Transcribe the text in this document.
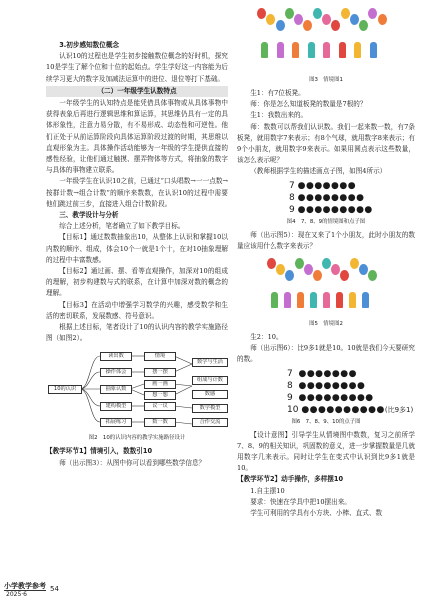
3.初步感知数位概念

认识10的过程也是学生初步接触数位概念的好时机，探究10是学生了解个位和十位的起始点。学生学好这一内容能为后续学习更大的数字及加减法运算中的进位、退位等打下基础。

（二）一年级学生认数特点

一年级学生的认知特点是能凭借具体事物或从具体事物中获得表象后再进行逻辑思维和算运算，其思维仍具有一定的具体形象性，注意力易分散，有不易形成、动态性和可逆性。他们正处于从前运算阶段向具体运算阶段过渡的时期，其思维以直观形象为主。具体操作活动能够为一年级的学生提供直接的感性经验，让他们通过触摸、摆弄物体等方式，将抽象的数字与具体的事物建立联系。

一年级学生在认识10之前，已通过“口头唱数→一一点数→按群计数→组合计数”的顺序来数数，在认识10的过程中需要他们跳过前三步，直接进入组合计数阶段。

三、教学设计与分析

综合上述分析，笔者确立了如下教学目标。

【目标1】通过数数抽象出10，从整体上认识和掌握10以内数的顺序、组成，体会10个一就是1个十，在对10抽象理解的过程中丰富数感。

【目标2】通过画、摆、看等直观操作，加深对10的组成的理解，初步构建数与式的联系，在计算中加深对数的概念的理解。

【目标3】在活动中增强学习数学的兴趣，感受数学和生活的密切联系，发展数感、符号意识。

根据上述目标，笔者设计了10的认识内容的教学实施路径图（如图2）。

10的认识
读出数
操作体会
抽象认数
建构模型
拓展练习
情境
摆一摆
画一画
想一想
议一议
数一数
数学与生活
组成与计数
数感
数学模型
合作交流
图2　10的认识内容的教学实施路径设计

【教学环节1】情境引入，数数引10

师（出示图3）：从图中你可以看到哪些数学信息？

图3　情境图1

生1：有7位板凳。

师：你是怎么知道板凳的数量是7根的？

生1：我数出来的。

师：数数可以帮我们认识数。我们一起来数一数，有7条板凳，就用数字7来表示；有8个气球，就用数字8来表示；有9个小朋友，就用数字9来表示。如果用圆点表示这些数量，该怎么表示呢？

（教师根据学生的描述画点子图，如图4所示）

7 ●●●●●●●
8 ●●●●●●●●
9 ●●●●●●●●●
图4　7、8、9的情境图和点子图

师（出示图5）：现在又来了1个小朋友，此时小朋友的数量应该用什么数字来表示？

图5　情境图2

生2：10。

师（出示图6）：比9多1就是10。10就是我们今天要研究的数。

7 ●●●●●●●
8 ●●●●●●●●
9 ●●●●●●●●●
10 ●●●●●●●●●●(比9多1)
图6　7、8、9、10的点子图

【设计意图】引导学生从情境图中数数，复习之前所学7、8、9的相关知识，巩固数的意义，进一步掌握数量是几就用数字几来表示。同时让学生在变式中认识到比9多1就是10。

【教学环节2】动手操作，多样摆10

1.自主摆10

要求：快速在学具中把10摆出来。

学生可利用的学具有小方块、小棒、直式、数

小学教学参考
2025·6
54
